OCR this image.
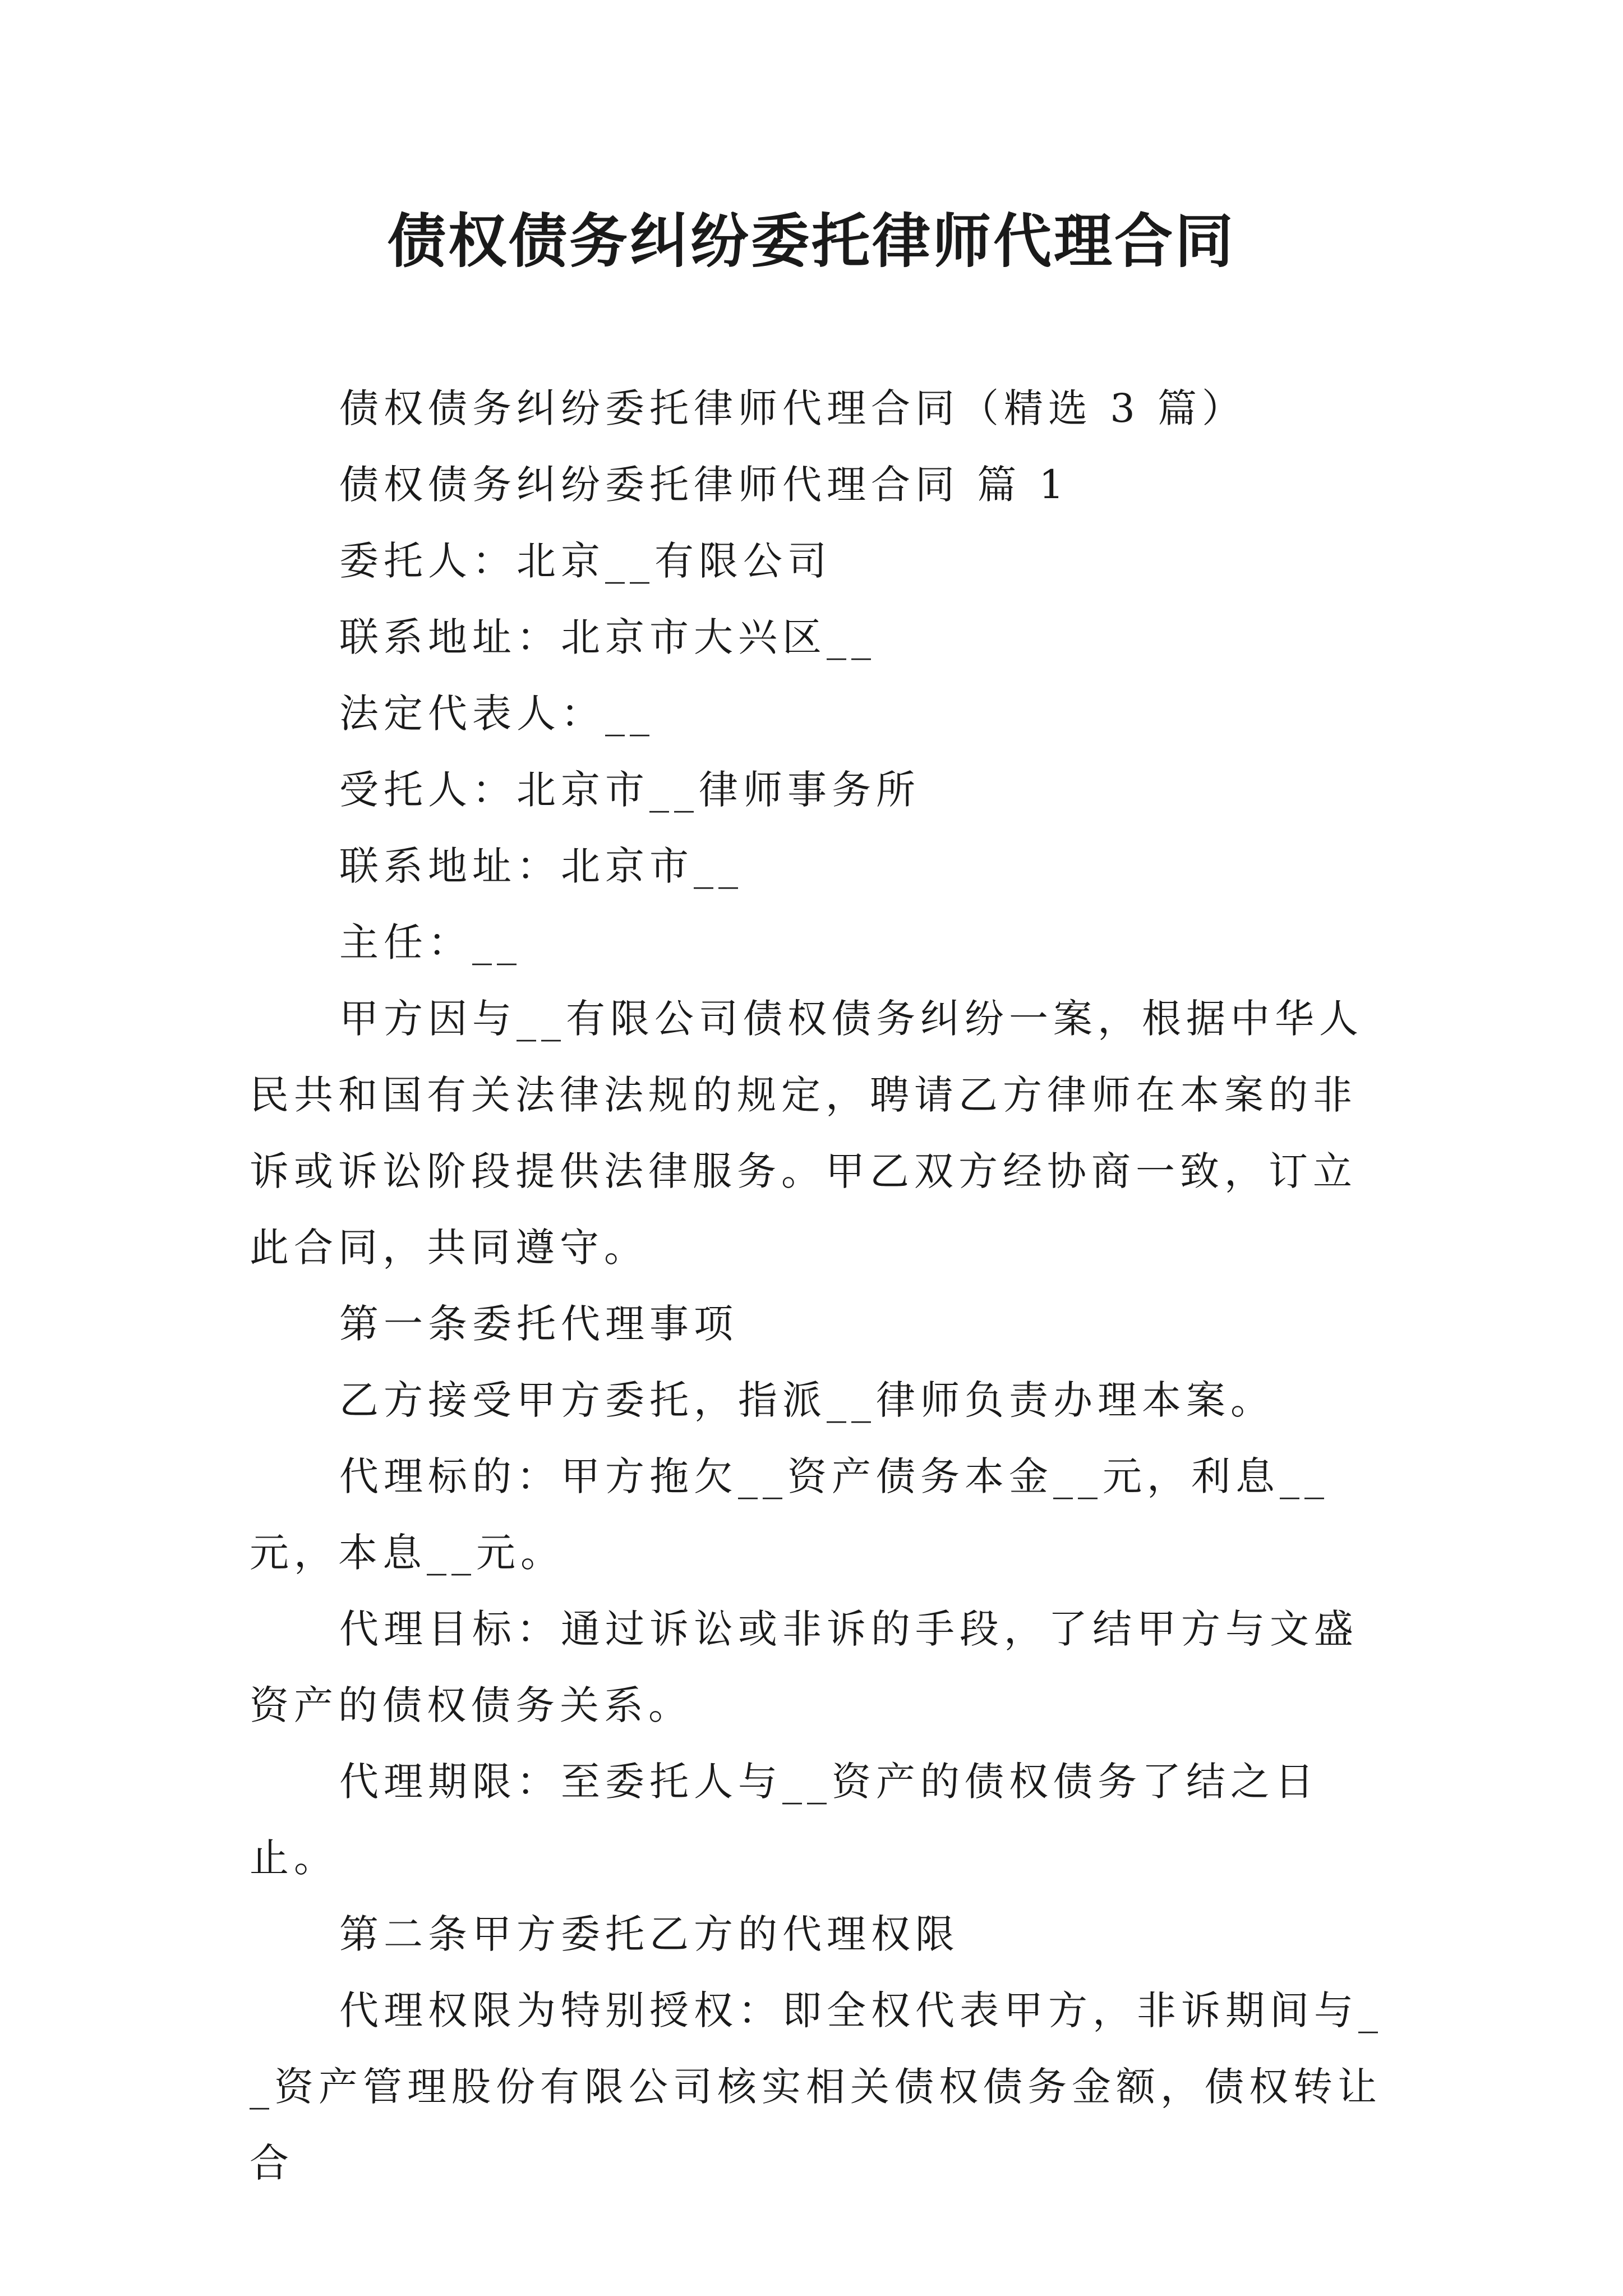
债权债务纠纷委托律师代理合同

债权债务纠纷委托律师代理合同（精选 3 篇）

债权债务纠纷委托律师代理合同 篇 1

委托人：北京__有限公司

联系地址：北京市大兴区__

法定代表人：__

受托人：北京市__律师事务所

联系地址：北京市__

主任：__

甲方因与__有限公司债权债务纠纷一案，根据中华人民共和国有关法律法规的规定，聘请乙方律师在本案的非诉或诉讼阶段提供法律服务。甲乙双方经协商一致，订立此合同，共同遵守。

第一条委托代理事项

乙方接受甲方委托，指派__律师负责办理本案。

代理标的：甲方拖欠__资产债务本金__元，利息__元，本息__元。

代理目标：通过诉讼或非诉的手段，了结甲方与文盛资产的债权债务关系。

代理期限：至委托人与__资产的债权债务了结之日止。

第二条甲方委托乙方的代理权限

代理权限为特别授权：即全权代表甲方，非诉期间与__资产管理股份有限公司核实相关债权债务金额，债权转让合
